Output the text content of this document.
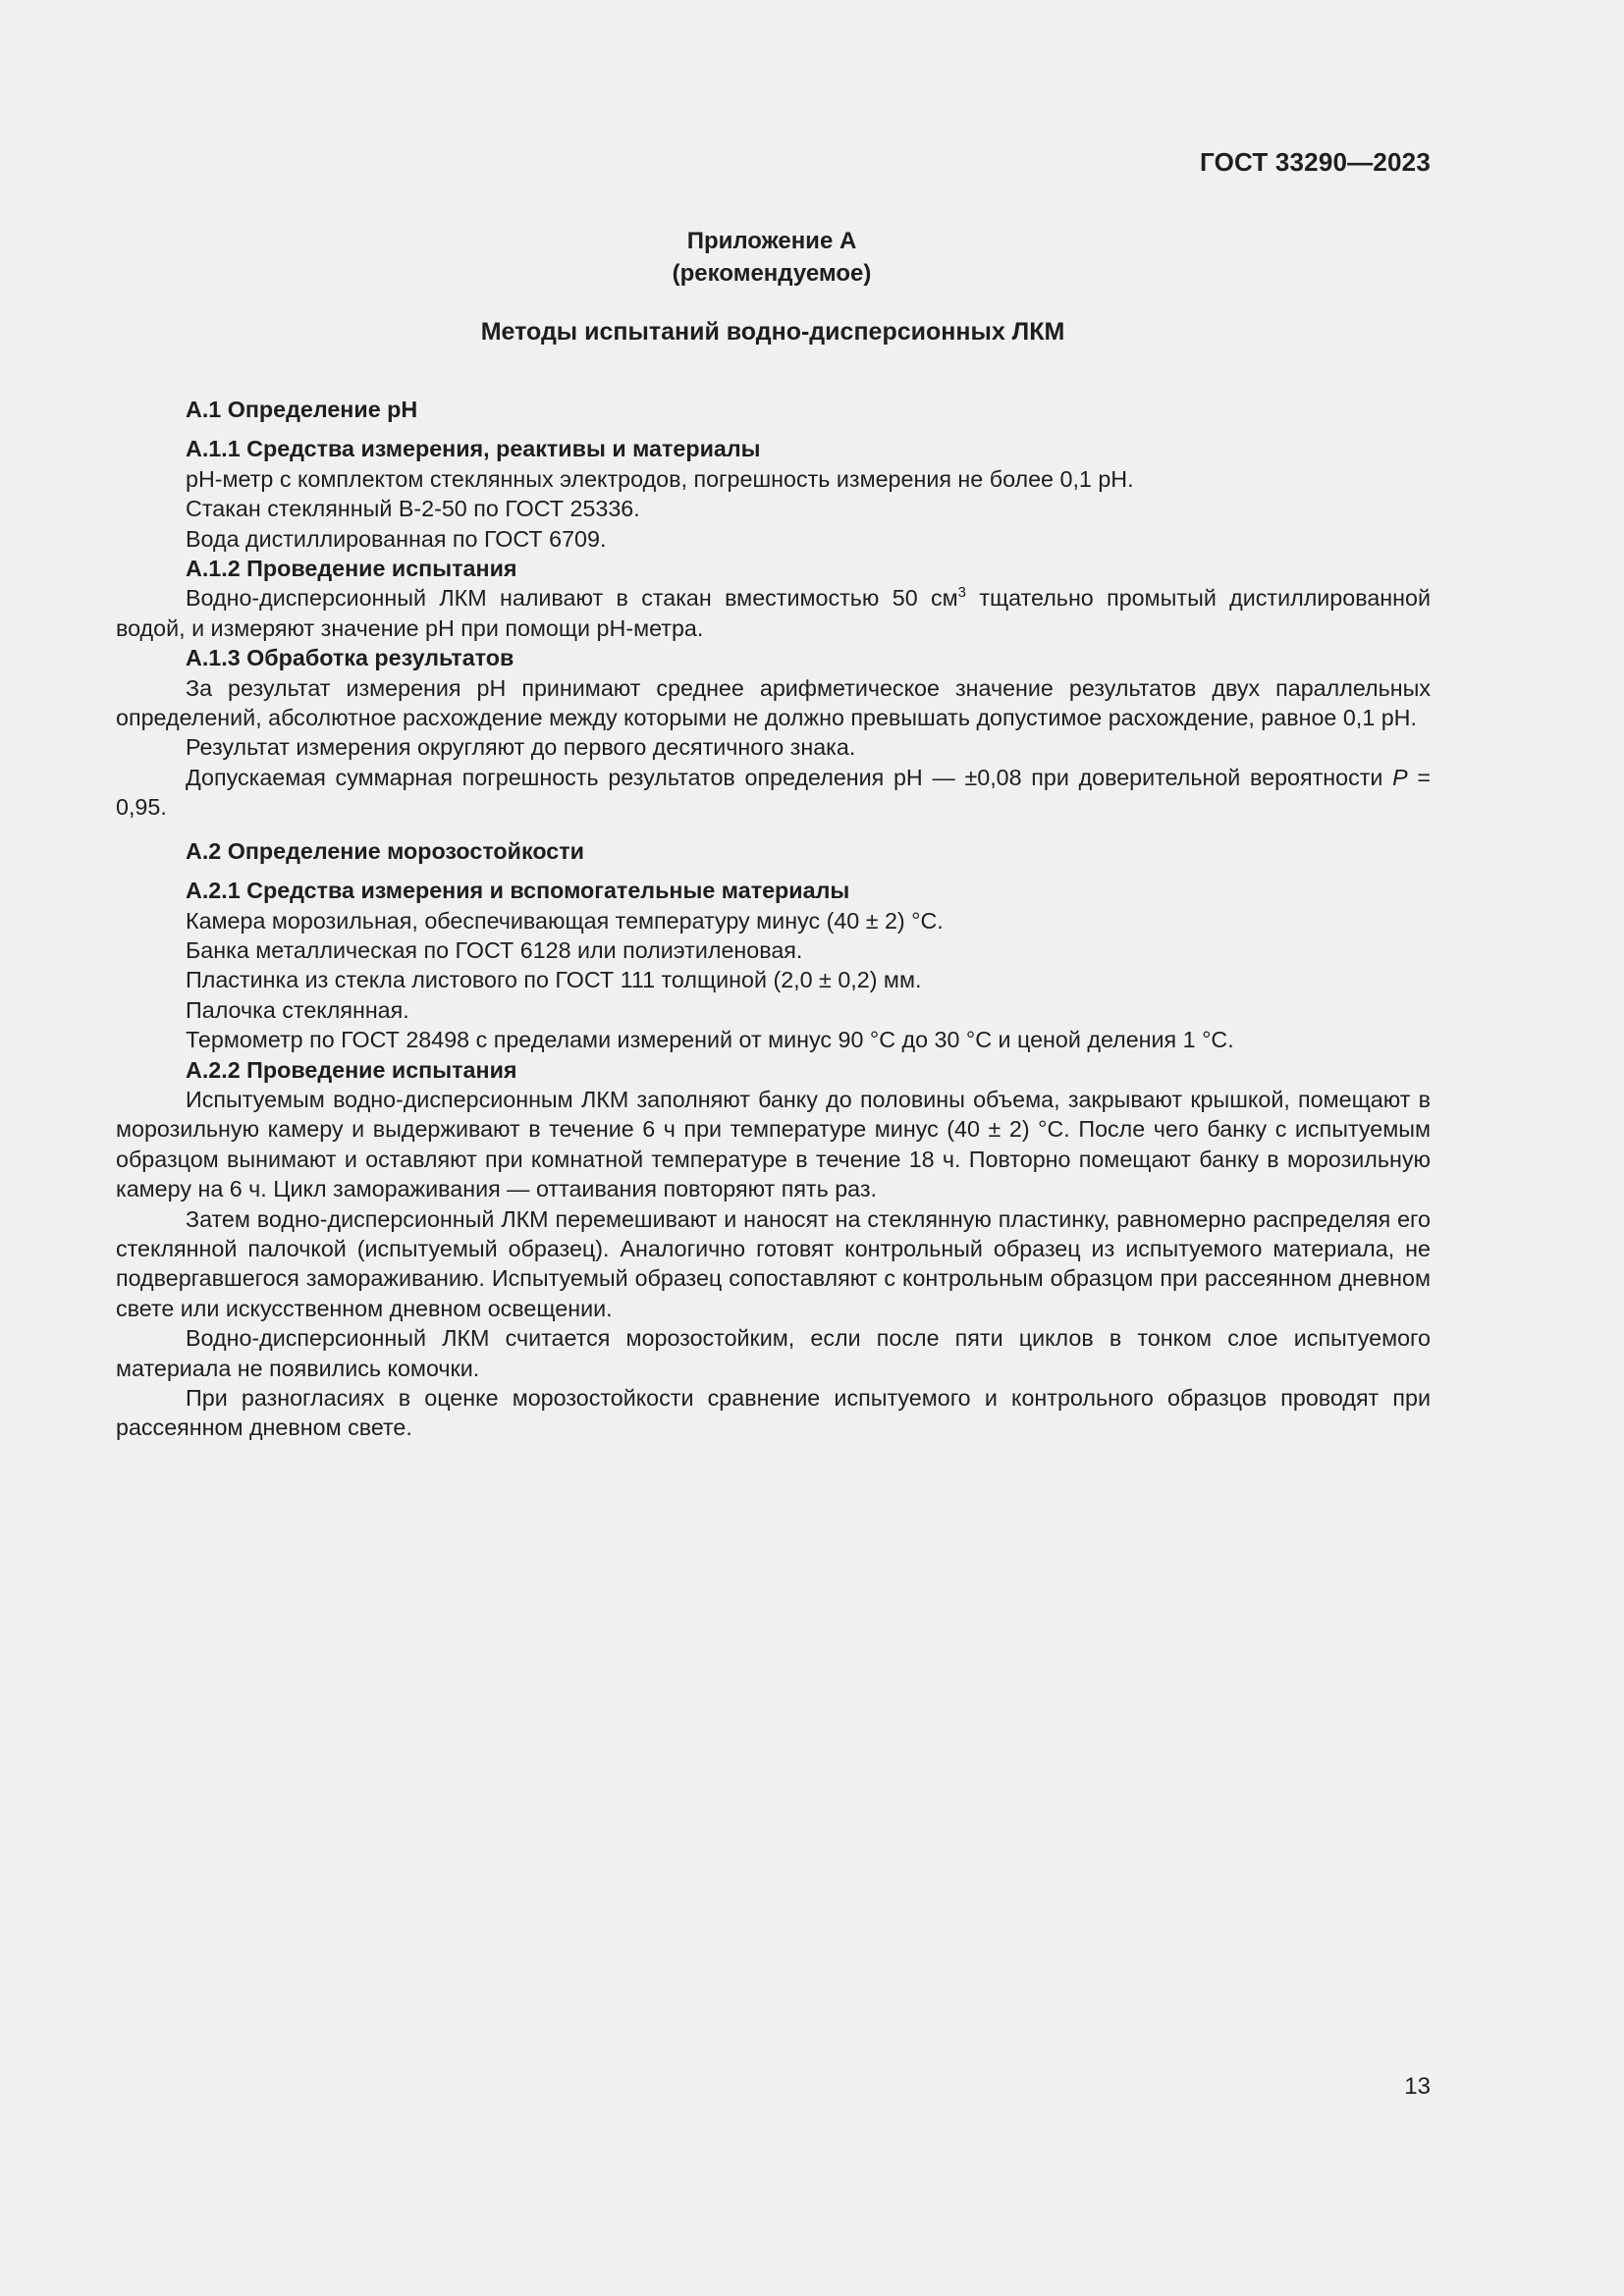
ГОСТ 33290—2023
Приложение А
(рекомендуемое)
Методы испытаний водно-дисперсионных ЛКМ

А.1 Определение рН

А.1.1 Средства измерения, реактивы и материалы

рН-метр с комплектом стеклянных электродов, погрешность измерения не более 0,1 рН.

Стакан стеклянный В-2-50 по ГОСТ 25336.

Вода дистиллированная по ГОСТ 6709.

А.1.2 Проведение испытания

Водно-дисперсионный ЛКМ наливают в стакан вместимостью 50 $см^3$ тщательно промытый дистиллированной водой, и измеряют значение рН при помощи рН-метра.

А.1.3 Обработка результатов

За результат измерения рН принимают среднее арифметическое значение результатов двух параллельных определений, абсолютное расхождение между которыми не должно превышать допустимое расхождение, равное 0,1 рН.

Результат измерения округляют до первого десятичного знака.

Допускаемая суммарная погрешность результатов определения рН — ±0,08 при доверительной вероятности P = 0,95.

А.2 Определение морозостойкости

А.2.1 Средства измерения и вспомогательные материалы

Камера морозильная, обеспечивающая температуру минус (40 ± 2) °С.

Банка металлическая по ГОСТ 6128 или полиэтиленовая.

Пластинка из стекла листового по ГОСТ 111 толщиной (2,0 ± 0,2) мм.

Палочка стеклянная.

Термометр по ГОСТ 28498 с пределами измерений от минус 90 °С до 30 °С и ценой деления 1 °С.

А.2.2 Проведение испытания

Испытуемым водно-дисперсионным ЛКМ заполняют банку до половины объема, закрывают крышкой, помещают в морозильную камеру и выдерживают в течение 6 ч при температуре минус (40 ± 2) °С. После чего банку с испытуемым образцом вынимают и оставляют при комнатной температуре в течение 18 ч. Повторно помещают банку в морозильную камеру на 6 ч. Цикл замораживания — оттаивания повторяют пять раз.

Затем водно-дисперсионный ЛКМ перемешивают и наносят на стеклянную пластинку, равномерно распределяя его стеклянной палочкой (испытуемый образец). Аналогично готовят контрольный образец из испытуемого материала, не подвергавшегося замораживанию. Испытуемый образец сопоставляют с контрольным образцом при рассеянном дневном свете или искусственном дневном освещении.

Водно-дисперсионный ЛКМ считается морозостойким, если после пяти циклов в тонком слое испытуемого материала не появились комочки.

При разногласиях в оценке морозостойкости сравнение испытуемого и контрольного образцов проводят при рассеянном дневном свете.

13
